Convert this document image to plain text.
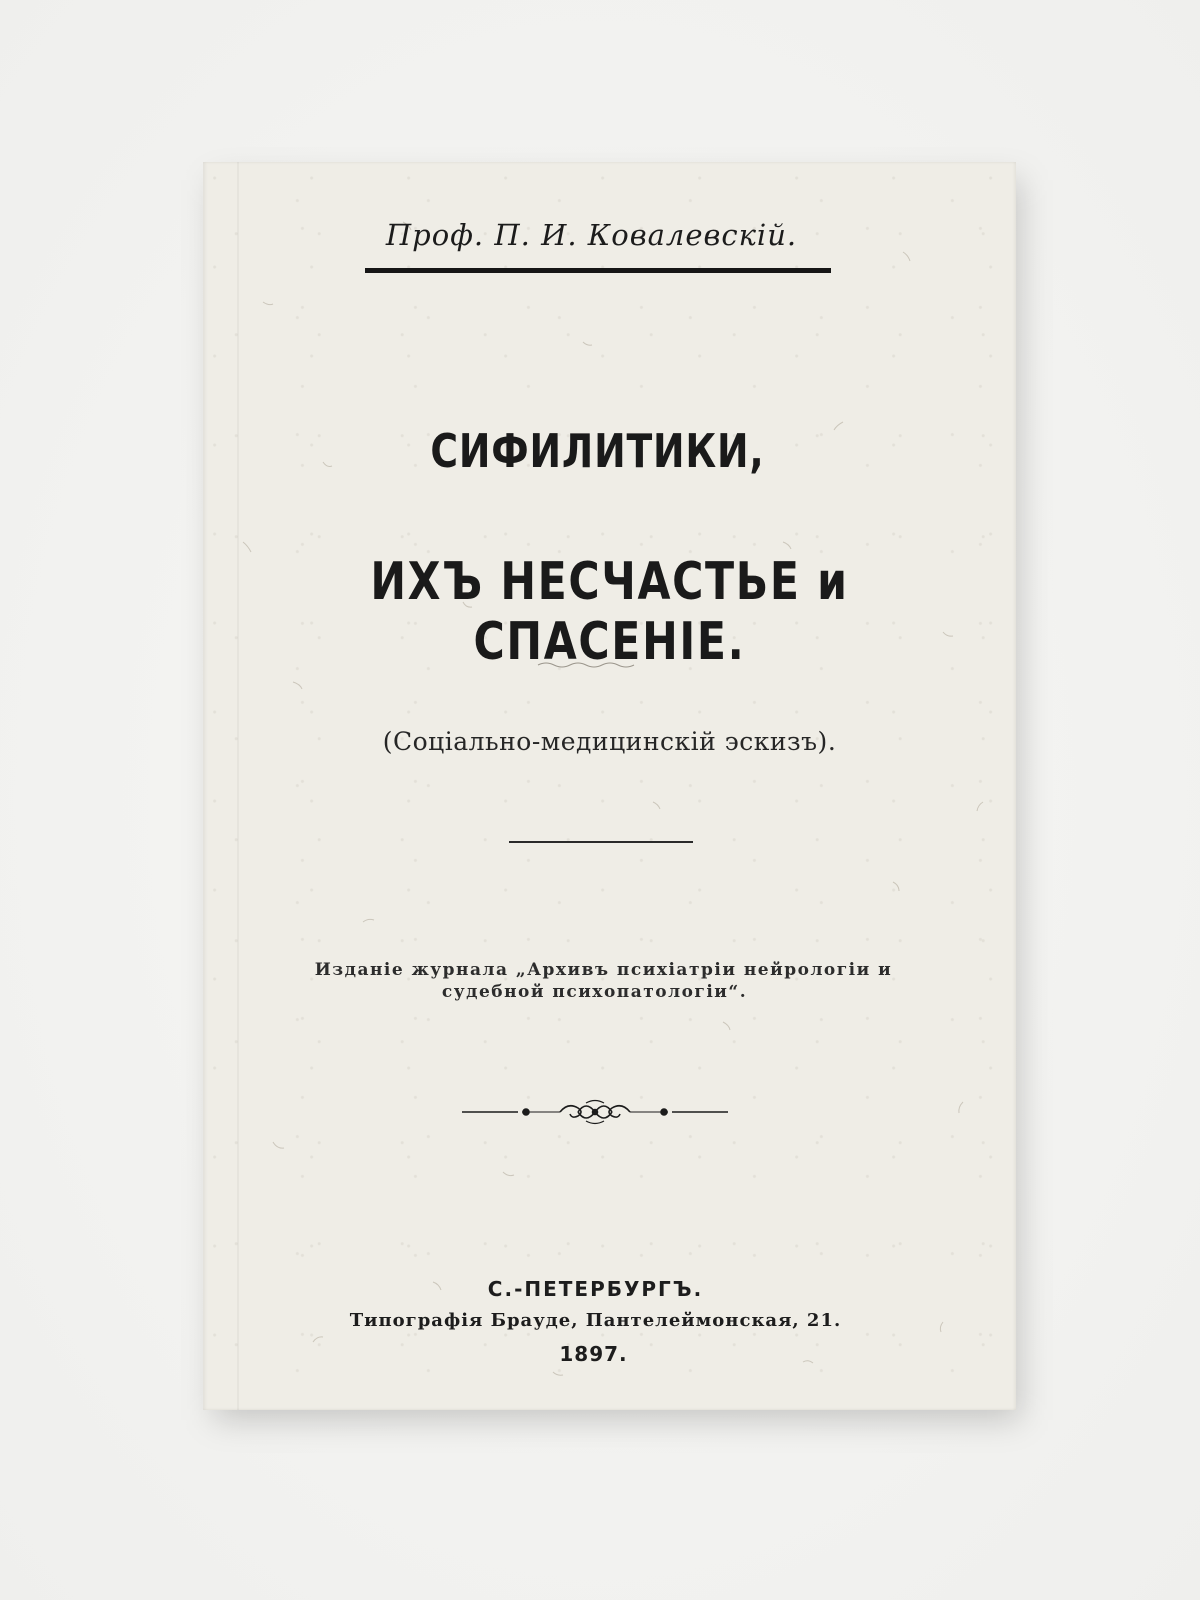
Проф. П. И. Ковалевскій.
СИФИЛИТИКИ,
ИХЪ НЕСЧАСТЬЕ и СПАСЕНІЕ.
(Соціально-медицинскій эскизъ).
Изданіе журнала „Архивъ психіатріи нейрологіи и
судебной психопатологіи“.
С.-ПЕТЕРБУРГЪ.
Типографія Брауде, Пантелеймонская, 21.
1897.
